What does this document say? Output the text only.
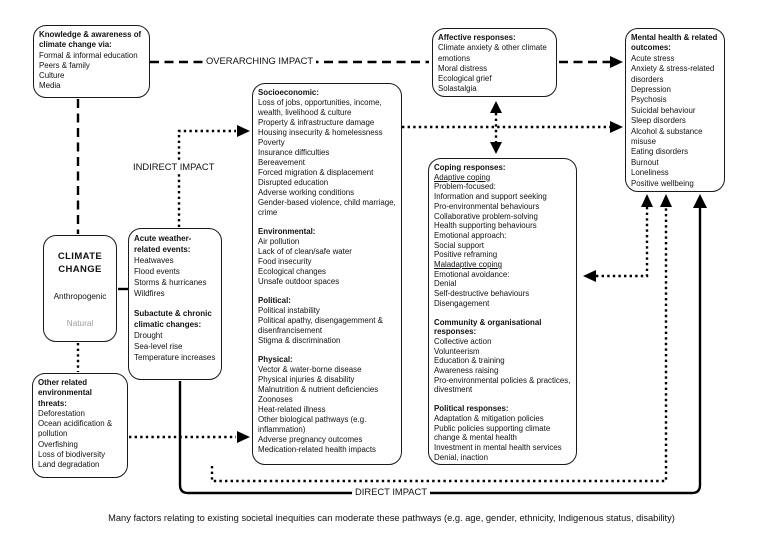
Knowledge & awareness of climate change via:
Formal & informal education
Peers & family
Culture
Media
Affective responses:
Climate anxiety & other climate emotions
Moral distress
Ecological grief
Solastalgia
Mental health & related outcomes:
Acute stress
Anxiety & stress-related disorders
Depression
Psychosis
Suicidal behaviour
Sleep disorders
Alcohol & substance misuse
Eating disorders
Burnout
Loneliness
Positive wellbeing
Socioeconomic:
Loss of jobs, opportunities, income, wealth, livelihood & culture
Property & infrastructure damage
Housing insecurity & homelessness
Poverty
Insurance difficulties
Bereavement
Forced migration & displacement
Disrupted education
Adverse working conditions
Gender-based violence, child marriage, crime
Environmental:
Air pollution
Lack of of clean/safe water
Food insecurity
Ecological changes
Unsafe outdoor spaces
Political:
Political instability
Political apathy, disengagemment & disenfrancisement
Stigma & discrimination
Physical:
Vector & water-borne disease
Physical injuries & disability
Malnutrition & nutrient deficiencies
Zoonoses
Heat-related illness
Other biological pathways (e.g. inflammation)
Adverse pregnancy outcomes
Medication-related health impacts
Coping responses:
Adaptive coping
Problem-focused:
Information and support seeking
Pro-environmental behaviours
Collaborative problem-solving
Health supporting behaviours
Emotional approach:
Social support
Positive reframing
Maladaptive coping
Emotional avoidance:
Denial
Self-destructive behaviours
Disengagement
Community & organisational responses:
Collective action
Volunteerism
Education & training
Awareness raising
Pro-environmental policies & practices, divestment
Political responses:
Adaptation & mitigation policies
Public policies supporting climate change & mental health
Investment in mental health services
Denial, inaction
CLIMATE CHANGE
Anthropogenic
Natural
Acute weather-related events:
Heatwaves
Flood events
Storms & hurricanes
Wildfires
Subactute & chronic climatic changes:
Drought
Sea-level rise
Temperature increases
Other related environmental threats:
Deforestation
Ocean acidification & pollution
Overfishing
Loss of biodiversity
Land degradation
OVERARCHING IMPACT
INDIRECT IMPACT
DIRECT IMPACT
Many factors relating to existing societal inequities can moderate these pathways (e.g. age, gender, ethnicity, Indigenous status, disability)
